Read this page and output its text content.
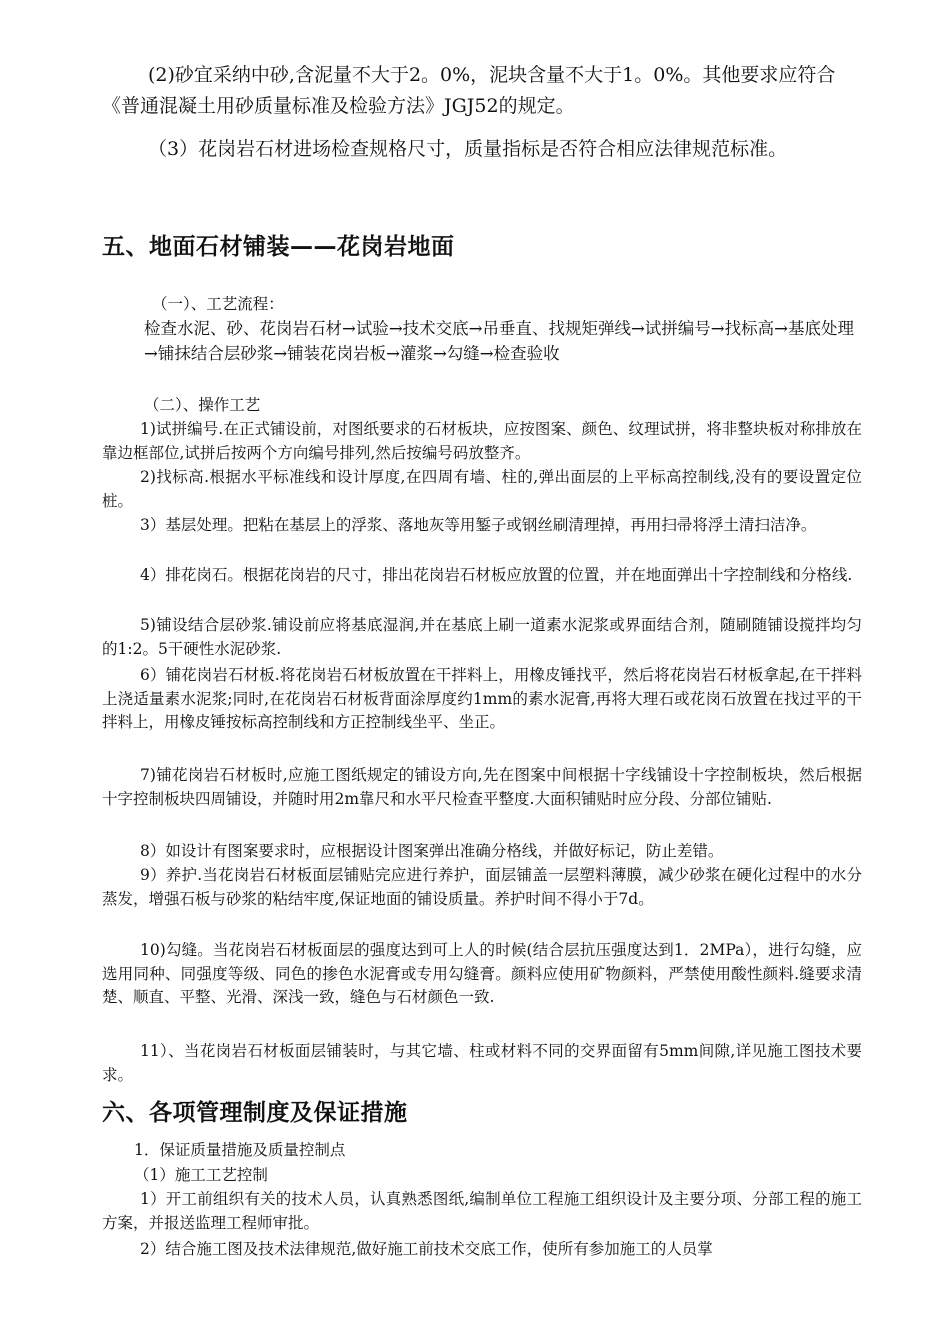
(2)砂宜采纳中砂,含泥量不大于2。0%，泥块含量不大于1。0%。其他要求应符合《普通混凝土用砂质量标准及检验方法》JGJ52的规定。
（3）花岗岩石材进场检查规格尺寸，质量指标是否符合相应法律规范标准。
五、地面石材铺装——花岗岩地面
（一）、工艺流程：
检查水泥、砂、花岗岩石材→试验→技术交底→吊垂直、找规矩弹线→试拼编号→找标高→基底处理→铺抹结合层砂浆→铺装花岗岩板→灌浆→勾缝→检查验收
（二）、操作工艺
1)试拼编号.在正式铺设前，对图纸要求的石材板块，应按图案、颜色、纹理试拼，将非整块板对称排放在靠边框部位,试拼后按两个方向编号排列,然后按编号码放整齐。
2)找标高.根据水平标准线和设计厚度,在四周有墙、柱的,弹出面层的上平标高控制线,没有的要设置定位桩。
3）基层处理。把粘在基层上的浮浆、落地灰等用錾子或钢丝刷清理掉，再用扫帚将浮土清扫洁净。
4）排花岗石。根据花岗岩的尺寸，排出花岗岩石材板应放置的位置，并在地面弹出十字控制线和分格线.
5)铺设结合层砂浆.铺设前应将基底湿润,并在基底上刷一道素水泥浆或界面结合剂，随刷随铺设搅拌均匀的1:2。5干硬性水泥砂浆.
6）铺花岗岩石材板.将花岗岩石材板放置在干拌料上，用橡皮锤找平，然后将花岗岩石材板拿起,在干拌料上浇适量素水泥浆;同时,在花岗岩石材板背面涂厚度约1mm的素水泥膏,再将大理石或花岗石放置在找过平的干拌料上，用橡皮锤按标高控制线和方正控制线坐平、坐正。
7)铺花岗岩石材板时,应施工图纸规定的铺设方向,先在图案中间根据十字线铺设十字控制板块，然后根据十字控制板块四周铺设，并随时用2m靠尺和水平尺检查平整度.大面积铺贴时应分段、分部位铺贴.
8）如设计有图案要求时，应根据设计图案弹出准确分格线，并做好标记，防止差错。
9）养护.当花岗岩石材板面层铺贴完应进行养护，面层铺盖一层塑料薄膜，减少砂浆在硬化过程中的水分蒸发，增强石板与砂浆的粘结牢度,保证地面的铺设质量。养护时间不得小于7d。
10)勾缝。当花岗岩石材板面层的强度达到可上人的时候(结合层抗压强度达到1．2MPa），进行勾缝，应选用同种、同强度等级、同色的掺色水泥膏或专用勾缝膏。颜料应使用矿物颜料，严禁使用酸性颜料.缝要求清楚、顺直、平整、光滑、深浅一致，缝色与石材颜色一致.
11）、当花岗岩石材板面层铺装时，与其它墙、柱或材料不同的交界面留有5mm间隙,详见施工图技术要求。
六、各项管理制度及保证措施
1．保证质量措施及质量控制点
（1）施工工艺控制
1）开工前组织有关的技术人员，认真熟悉图纸,编制单位工程施工组织设计及主要分项、分部工程的施工方案，并报送监理工程师审批。
2）结合施工图及技术法律规范,做好施工前技术交底工作，使所有参加施工的人员掌
